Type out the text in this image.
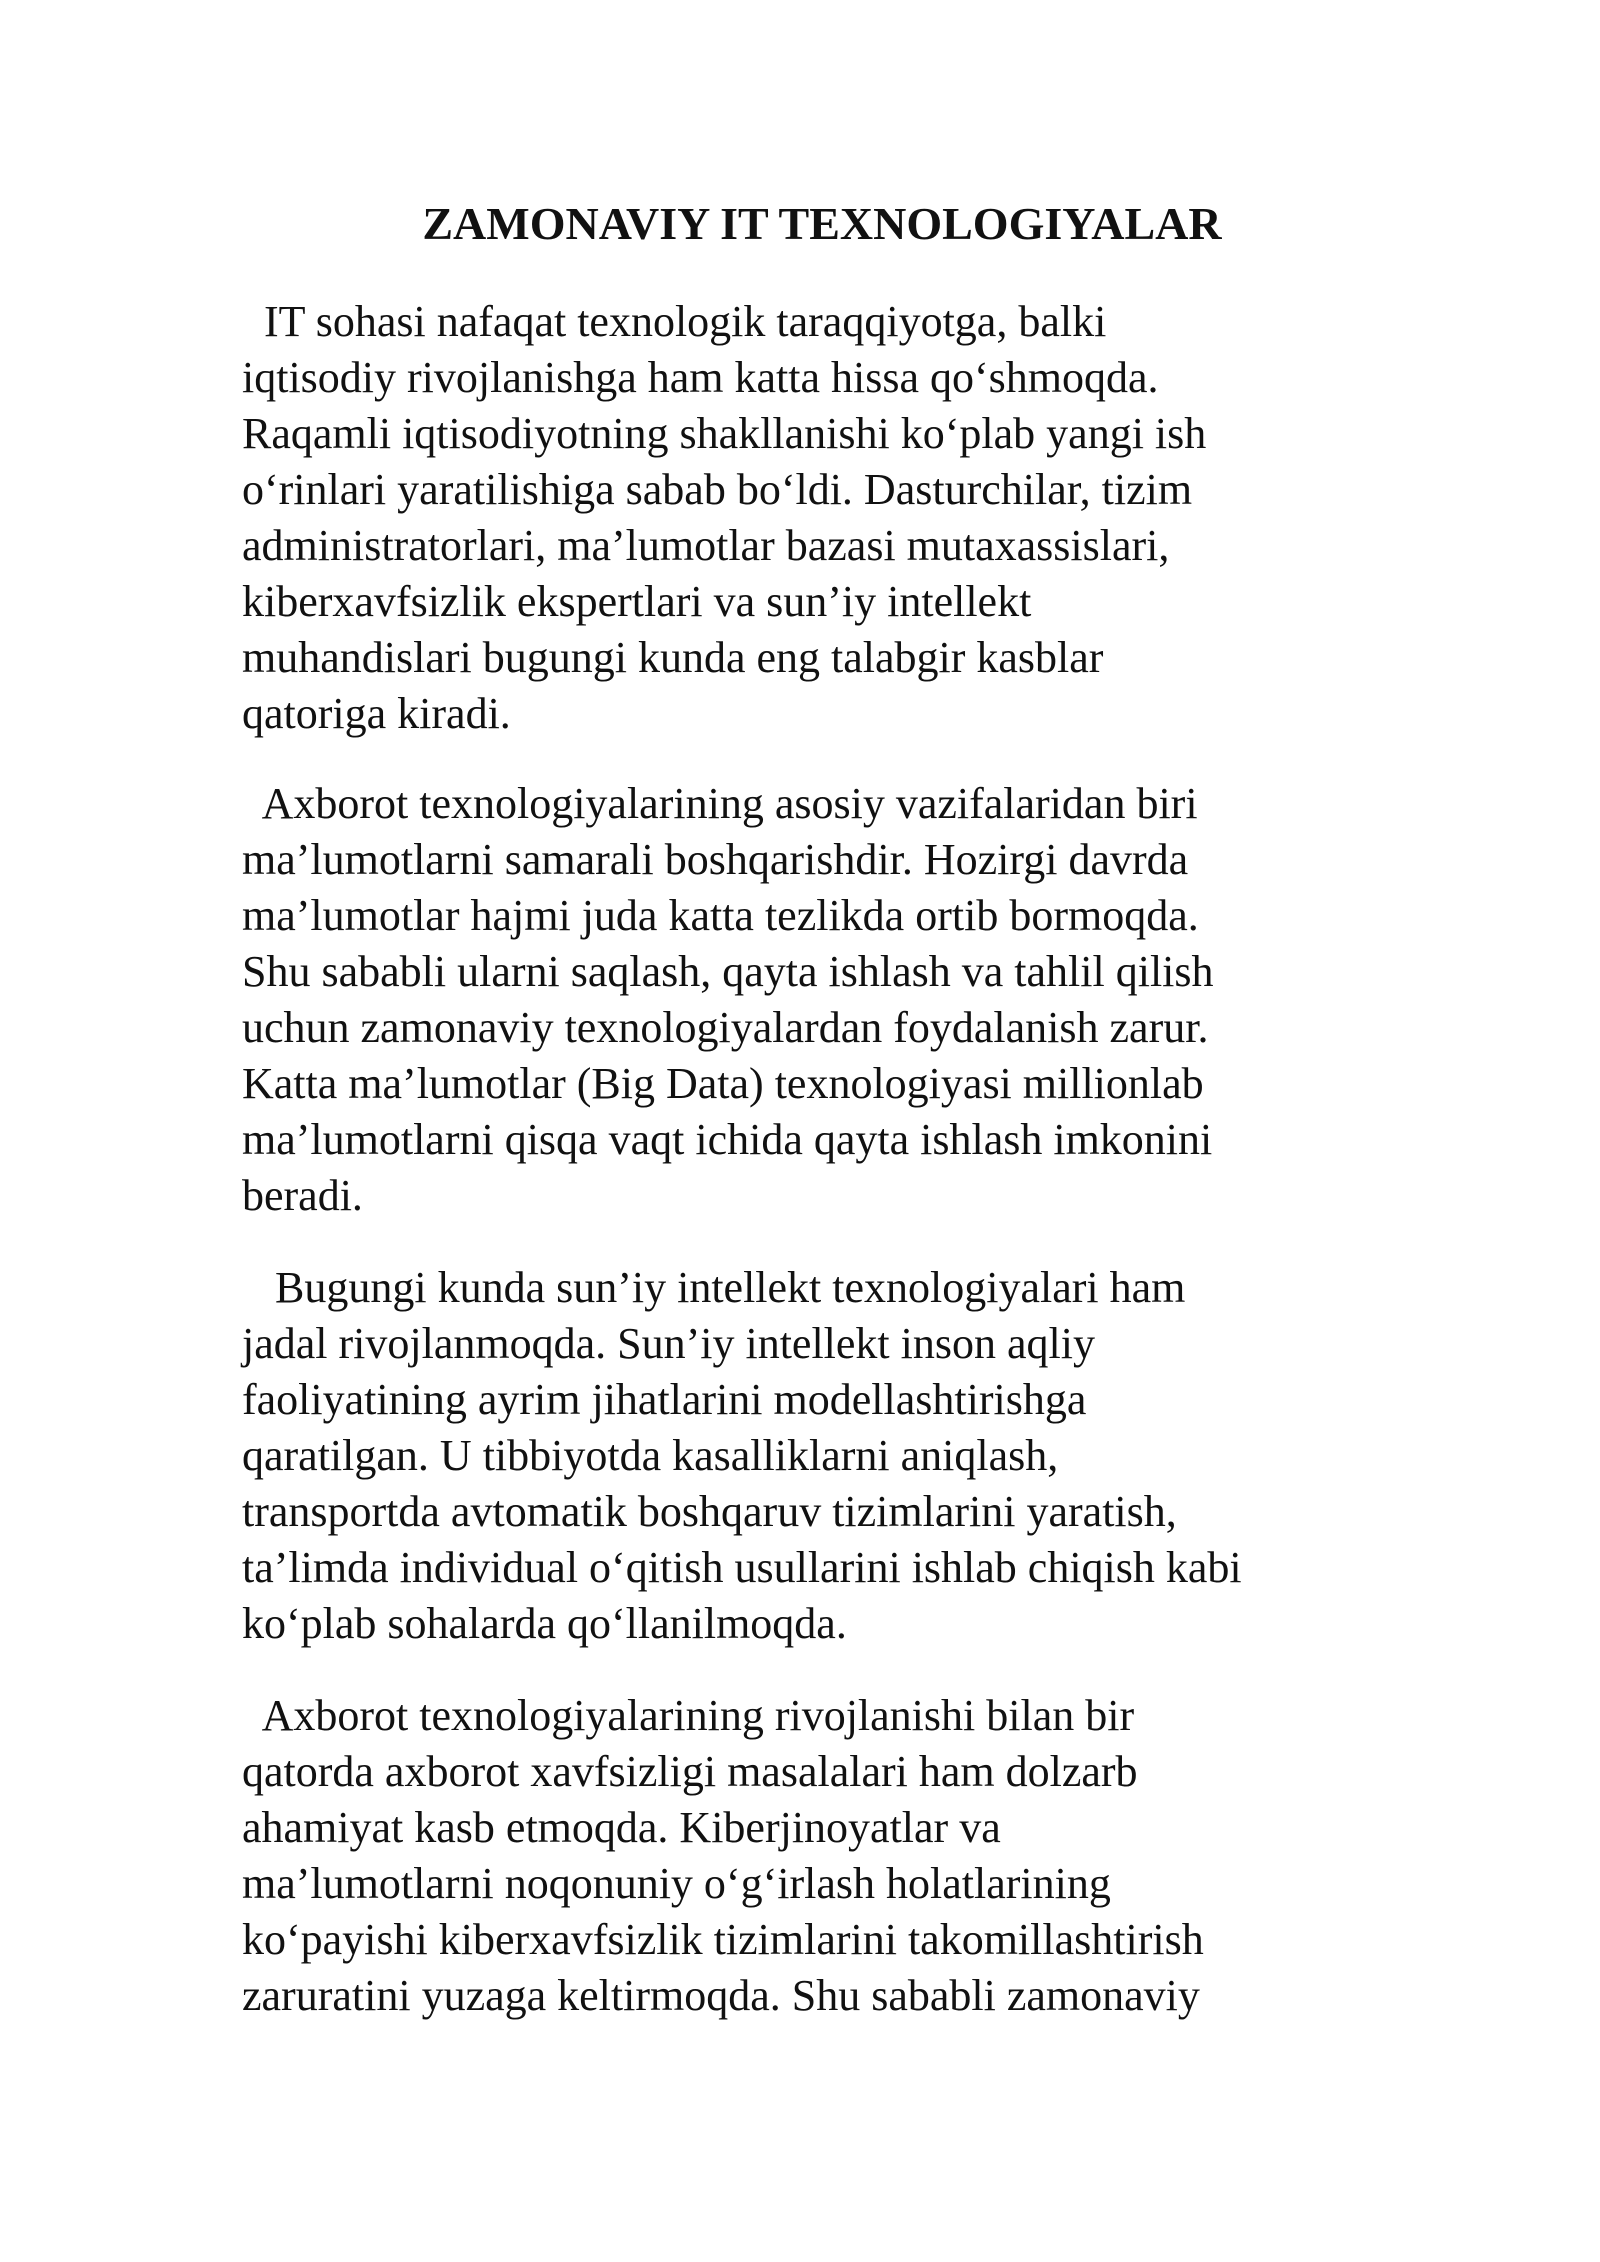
ZAMONAVIY IT TEXNOLOGIYALAR

IT sohasi nafaqat texnologik taraqqiyotga, balki
iqtisodiy rivojlanishga ham katta hissa qo‘shmoqda.
Raqamli iqtisodiyotning shakllanishi ko‘plab yangi ish
o‘rinlari yaratilishiga sabab bo‘ldi. Dasturchilar, tizim
administratorlari, ma’lumotlar bazasi mutaxassislari,
kiberxavfsizlik ekspertlari va sun’iy intellekt
muhandislari bugungi kunda eng talabgir kasblar
qatoriga kiradi.

Axborot texnologiyalarining asosiy vazifalaridan biri
ma’lumotlarni samarali boshqarishdir. Hozirgi davrda
ma’lumotlar hajmi juda katta tezlikda ortib bormoqda.
Shu sababli ularni saqlash, qayta ishlash va tahlil qilish
uchun zamonaviy texnologiyalardan foydalanish zarur.
Katta ma’lumotlar (Big Data) texnologiyasi millionlab
ma’lumotlarni qisqa vaqt ichida qayta ishlash imkonini
beradi.

Bugungi kunda sun’iy intellekt texnologiyalari ham
jadal rivojlanmoqda. Sun’iy intellekt inson aqliy
faoliyatining ayrim jihatlarini modellashtirishga
qaratilgan. U tibbiyotda kasalliklarni aniqlash,
transportda avtomatik boshqaruv tizimlarini yaratish,
ta’limda individual o‘qitish usullarini ishlab chiqish kabi
ko‘plab sohalarda qo‘llanilmoqda.

Axborot texnologiyalarining rivojlanishi bilan bir
qatorda axborot xavfsizligi masalalari ham dolzarb
ahamiyat kasb etmoqda. Kiberjinoyatlar va
ma’lumotlarni noqonuniy o‘g‘irlash holatlarining
ko‘payishi kiberxavfsizlik tizimlarini takomillashtirish
zaruratini yuzaga keltirmoqda. Shu sababli zamonaviy
